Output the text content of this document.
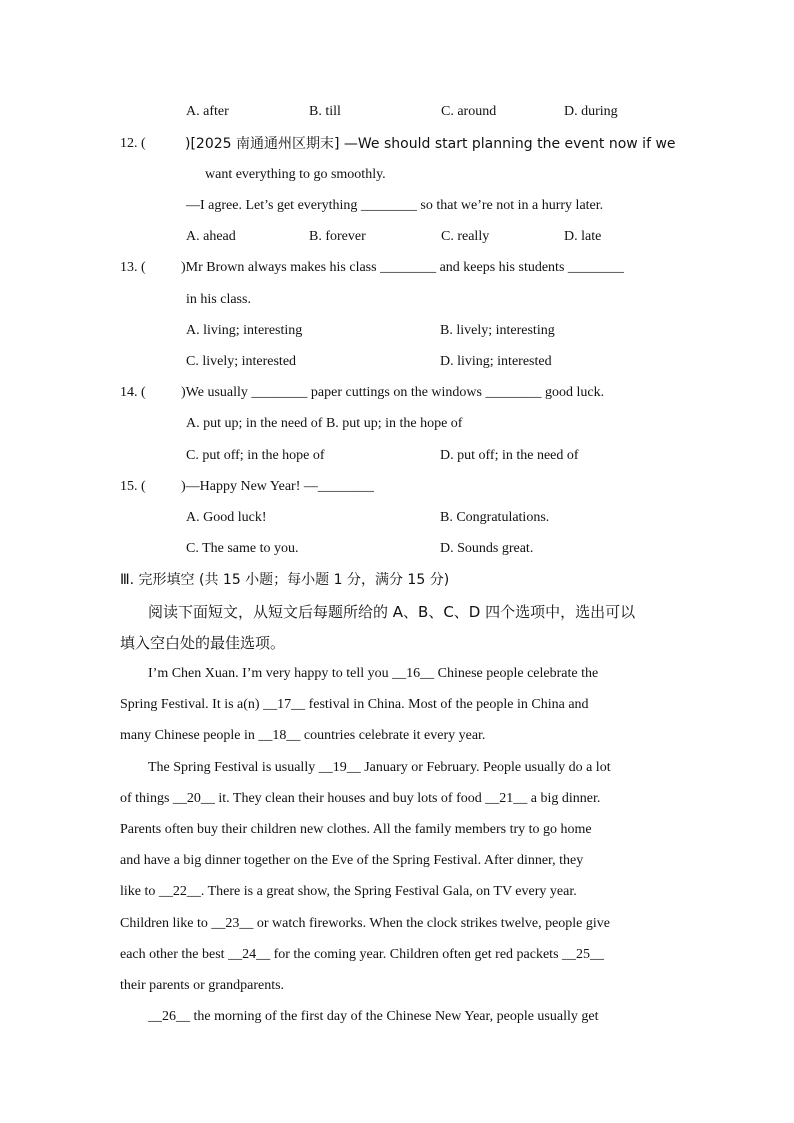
A. after	B. till	C. around	D. during
12. (	)[2025 南通通州区期末] —We should start planning the event now if we
want everything to go smoothly.
—I agree. Let’s get everything ________ so that we’re not in a hurry later.
A. ahead	B. forever	C. really	D. late
13. (	)Mr Brown always makes his class ________ and keeps his students ________
in his class.
A. living; interesting	B. lively; interesting
C. lively; interested	D. living; interested
14. (	)We usually ________ paper cuttings on the windows ________ good luck.
A. put up; in the need of B. put up; in the hope of
C. put off; in the hope of	D. put off; in the need of
15. (	)—Happy New Year! —________
A. Good luck!	B. Congratulations.
C. The same to you.	D. Sounds great.
Ⅲ. 完形填空 (共 15 小题；每小题 1 分，满分 15 分)
阅读下面短文，从短文后每题所给的 A、B、C、D 四个选项中，选出可以
填入空白处的最佳选项。
I’m Chen Xuan. I’m very happy to tell you __16__ Chinese people celebrate the
Spring Festival. It is a(n) __17__ festival in China. Most of the people in China and
many Chinese people in __18__ countries celebrate it every year.
The Spring Festival is usually __19__ January or February. People usually do a lot
of things __20__ it. They clean their houses and buy lots of food __21__ a big dinner.
Parents often buy their children new clothes. All the family members try to go home
and have a big dinner together on the Eve of the Spring Festival. After dinner, they
like to __22__. There is a great show, the Spring Festival Gala, on TV every year.
Children like to __23__ or watch fireworks. When the clock strikes twelve, people give
each other the best __24__ for the coming year. Children often get red packets __25__
their parents or grandparents.
__26__ the morning of the first day of the Chinese New Year, people usually get
